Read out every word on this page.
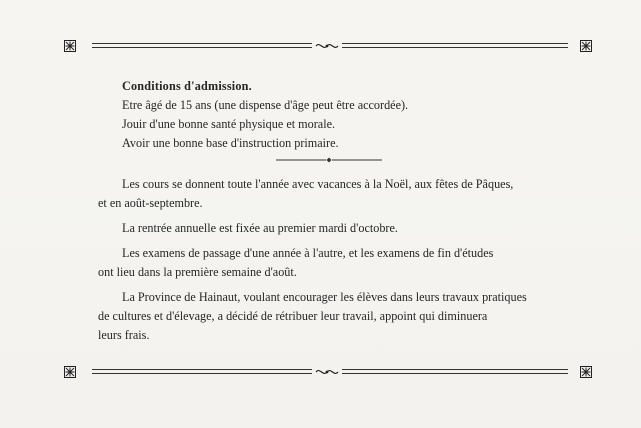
Conditions d'admission.
Etre âgé de 15 ans (une dispense d'âge peut être accordée).
Jouir d'une bonne santé physique et morale.
Avoir une bonne base d'instruction primaire.
Les cours se donnent toute l'année avec vacances à la Noël, aux fêtes de Pâques,
et en août-septembre.
La rentrée annuelle est fixée au premier mardi d'octobre.
Les examens de passage d'une année à l'autre, et les examens de fin d'études
ont lieu dans la première semaine d'août.
La Province de Hainaut, voulant encourager les élèves dans leurs travaux pratiques
de cultures et d'élevage, a décidé de rétribuer leur travail, appoint qui diminuera
leurs frais.
